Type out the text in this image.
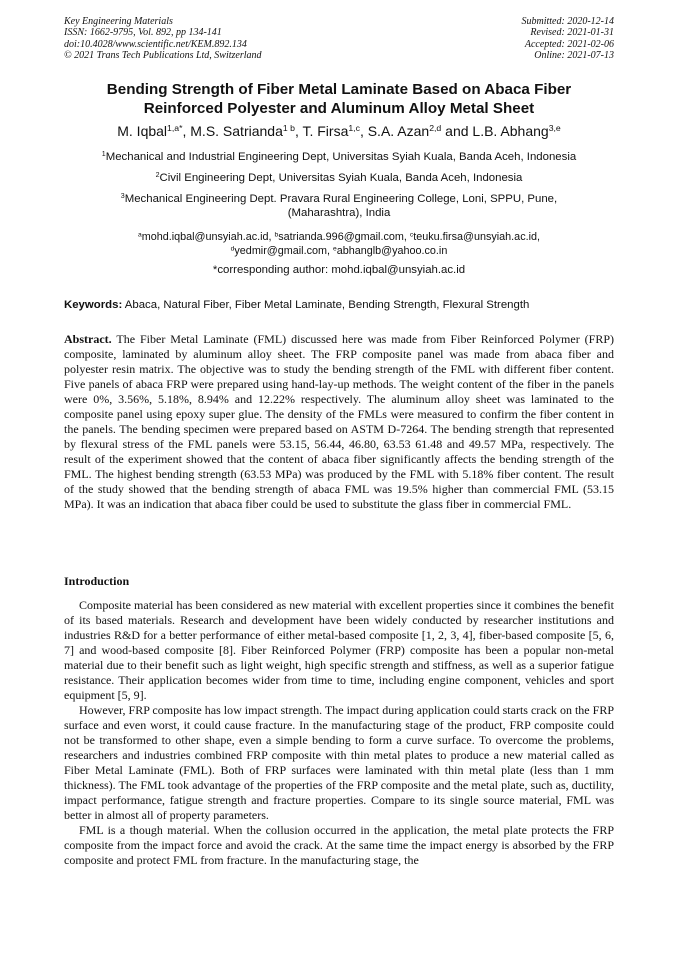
Key Engineering Materials
ISSN: 1662-9795, Vol. 892, pp 134-141
doi:10.4028/www.scientific.net/KEM.892.134
© 2021 Trans Tech Publications Ltd, Switzerland
Submitted: 2020-12-14
Revised: 2021-01-31
Accepted: 2021-02-06
Online: 2021-07-13
Bending Strength of Fiber Metal Laminate Based on Abaca Fiber
Reinforced Polyester and Aluminum Alloy Metal Sheet
M. Iqbal$^{1,a*}$, M.S. Satrianda$^{1 b}$, T. Firsa$^{1,c}$, S.A. Azan$^{2,d}$ and L.B. Abhang$^{3,e}$
$^1$Mechanical and Industrial Engineering Dept, Universitas Syiah Kuala, Banda Aceh, Indonesia
$^2$Civil Engineering Dept, Universitas Syiah Kuala, Banda Aceh, Indonesia
$^3$Mechanical Engineering Dept. Pravara Rural Engineering College, Loni, SPPU, Pune, (Maharashtra), India
$^a$mohd.iqbal@unsyiah.ac.id, $^b$satrianda.996@gmail.com, $^c$teuku.firsa@unsyiah.ac.id,
$^d$yedmir@gmail.com, $^e$abhanglb@yahoo.co.in
*corresponding author: mohd.iqbal@unsyiah.ac.id
Keywords: Abaca, Natural Fiber, Fiber Metal Laminate, Bending Strength, Flexural Strength

Abstract. The Fiber Metal Laminate (FML) discussed here was made from Fiber Reinforced Polymer (FRP) composite, laminated by aluminum alloy sheet. The FRP composite panel was made from abaca fiber and polyester resin matrix. The objective was to study the bending strength of the FML with different fiber content. Five panels of abaca FRP were prepared using hand-lay-up methods. The weight content of the fiber in the panels were 0%, 3.56%, 5.18%, 8.94% and 12.22% respectively. The aluminum alloy sheet was laminated to the composite panel using epoxy super glue. The density of the FMLs were measured to confirm the fiber content in the panels. The bending specimen were prepared based on ASTM D-7264. The bending strength that represented by flexural stress of the FML panels were 53.15, 56.44, 46.80, 63.53 61.48 and 49.57 MPa, respectively. The result of the experiment showed that the content of abaca fiber significantly affects the bending strength of the FML. The highest bending strength (63.53 MPa) was produced by the FML with 5.18% fiber content. The result of the study showed that the bending strength of abaca FML was 19.5% higher than commercial FML (53.15 MPa). It was an indication that abaca fiber could be used to substitute the glass fiber in commercial FML.

Introduction

Composite material has been considered as new material with excellent properties since it combines the benefit of its based materials. Research and development have been widely conducted by researcher institutions and industries R&D for a better performance of either metal-based composite [1, 2, 3, 4], fiber-based composite [5, 6, 7] and wood-based composite [8]. Fiber Reinforced Polymer (FRP) composite has been a popular non-metal material due to their benefit such as light weight, high specific strength and stiffness, as well as a superior fatigue resistance. Their application becomes wider from time to time, including engine component, vehicles and sport equipment [5, 9].

However, FRP composite has low impact strength. The impact during application could starts crack on the FRP surface and even worst, it could cause fracture. In the manufacturing stage of the product, FRP composite could not be transformed to other shape, even a simple bending to form a curve surface. To overcome the problems, researchers and industries combined FRP composite with thin metal plates to produce a new material called as Fiber Metal Laminate (FML). Both of FRP surfaces were laminated with thin metal plate (less than 1 mm thickness). The FML took advantage of the properties of the FRP composite and the metal plate, such as, ductility, impact performance, fatigue strength and fracture properties. Compare to its single source material, FML was better in almost all of property parameters.

FML is a though material. When the collusion occurred in the application, the metal plate protects the FRP composite from the impact force and avoid the crack. At the same time the impact energy is absorbed by the FRP composite and protect FML from fracture. In the manufacturing stage, the
